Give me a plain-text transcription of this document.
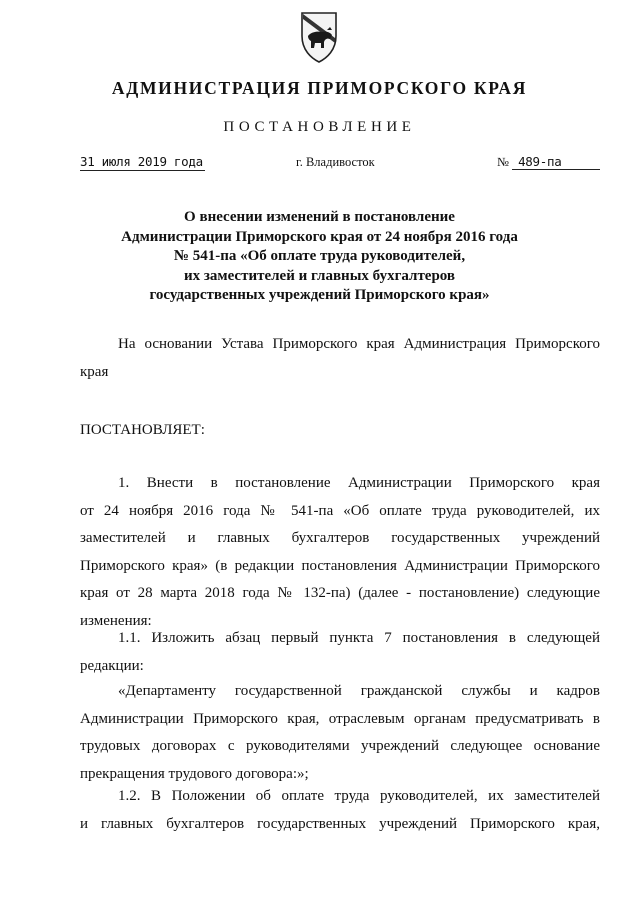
АДМИНИСТРАЦИЯ ПРИМОРСКОГО КРАЯ
ПОСТАНОВЛЕНИЕ
31 июля 2019 года	г. Владивосток	№ 489-па
О внесении изменений в постановление
Администрации Приморского края от 24 ноября 2016 года
№ 541-па «Об оплате труда руководителей,
их заместителей и главных бухгалтеров
государственных учреждений Приморского края»
На основании Устава Приморского края Администрация Приморского
края
ПОСТАНОВЛЯЕТ:
1. Внести в постановление Администрации Приморского края
от 24 ноября 2016 года № 541-па «Об оплате труда руководителей, их
заместителей и главных бухгалтеров государственных учреждений
Приморского края» (в редакции постановления Администрации Приморского
края от 28 марта 2018 года № 132-па) (далее - постановление) следующие
изменения:
1.1. Изложить абзац первый пункта 7 постановления в следующей
редакции:
«Департаменту государственной гражданской службы и кадров
Администрации Приморского края, отраслевым органам предусматривать в
трудовых договорах с руководителями учреждений следующее основание
прекращения трудового договора:»;
1.2. В Положении об оплате труда руководителей, их заместителей
и главных бухгалтеров государственных учреждений Приморского края,
